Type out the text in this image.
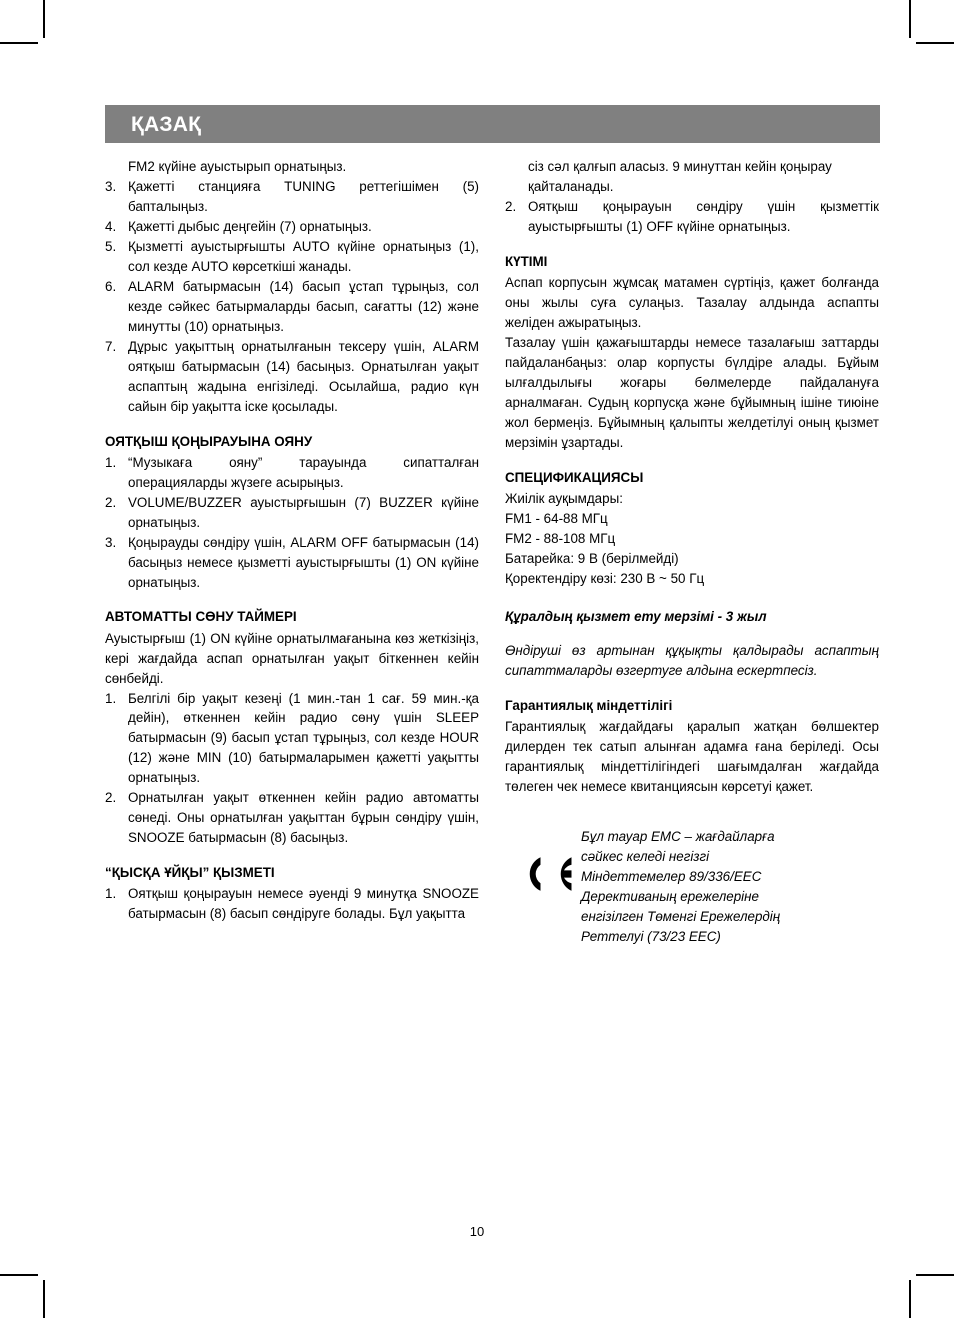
ҚАЗАҚ
FM2 күйіне ауыстырып орнатыңыз.
3. Қажетті станцияға TUNING реттегішімен (5) бапталыңыз.
4. Қажетті дыбыс деңгейін (7) орнатыңыз.
5. Қызметті ауыстырғышты AUTO күйіне орнатыңыз (1), сол кезде AUTO көрсеткіші жанады.
6. ALARM батырмасын (14) басып ұстап тұрыңыз, сол кезде сәйкес батырмаларды басып, сағатты (12) және минутты (10) орнатыңыз.
7. Дұрыс уақыттың орнатылғанын тексеру үшін, ALARM оятқыш батырмасын (14) басыңыз. Орнатылған уақыт аспаптың жадына енгізіледі. Осылайша, радио күн сайын бір уақытта іске қосылады.
ОЯТҚЫШ ҚОҢЫРАУЫНА ОЯНУ
1. “Музыкаға ояну” тарауында сипатталған операцияларды жүзеге асырыңыз.
2. VOLUME/BUZZER ауыстырғышын (7) BUZZER күйіне орнатыңыз.
3. Қоңырауды сөндіру үшін, ALARM OFF батырмасын (14) басыңыз немесе қызметті ауыстырғышты (1) ON күйіне орнатыңыз.
АВТОМАТТЫ СӨНУ ТАЙМЕРІ

Ауыстырғыш (1) ON күйіне орнатылмағанына көз жеткізіңіз, кері жағдайда аспап орнатылған уақыт біткеннен кейін сөнбейді.

1. Белгілі бір уақыт кезеңі (1 мин.-тан 1 сағ. 59 мин.-қа дейін), өткеннен кейін радио сөну үшін SLEEP батырмасын (9) басып ұстап тұрыңыз, сол кезде HOUR (12) және MIN (10) батырмаларымен қажетті уақытты орнатыңыз.
2. Орнатылған уақыт өткеннен кейін радио автоматты сөнеді. Оны орнатылған уақыттан бұрын сөндіру үшін, SNOOZE батырмасын (8) басыңыз.
“ҚЫСҚА ҰЙҚЫ” ҚЫЗМЕТІ
1. Оятқыш қоңырауын немесе әуенді 9 минутқа SNOOZE батырмасын (8) басып сөндіруге болады. Бұл уақытта
сіз сәл қалғып аласыз. 9 минуттан кейін қоңырау қайталанады.
2. Оятқыш қоңырауын сөндіру үшін қызметтік ауыстырғышты (1) OFF күйіне орнатыңыз.
КҮТІМІ

Аспап корпусын жұмсақ матамен сүртіңіз, қажет болғанда оны жылы суға сулаңыз. Тазалау алдында аспапты желіден ажыратыңыз.

Тазалау үшін қажағыштарды немесе тазалағыш заттарды пайдаланбаңыз: олар корпусты бүлдіре алады. Бұйым ылғалдылығы жоғары бөлмелерде пайдалануға арналмаған. Судың корпусқа және бұйымның ішіне тиюіне жол бермеңіз. Бұйымның қалыпты желдетілуі оның қызмет мерзімін ұзартады.

СПЕЦИФИКАЦИЯСЫ
Жиілік ауқымдары:
FM1 - 64-88 МГц
FM2 - 88-108 МГц
Батарейка: 9 В (берілмейді)
Қоректендіру көзі: 230 В ~ 50 Гц

Құралдың қызмет ету мерзімі - 3 жыл

Өндіруші өз артынан құқықты қалдырады аспаптың сипаттмаларды өзгертуге алдына ескертпесіз.

Гарантиялық міндеттілігі

Гарантиялық жағдайдағы қаралып жатқан бөлшектер дилерден тек сатып алынған адамға ғана беріледі. Осы гарантиялық міндеттілігіндегі шағымдалған жағдайда төлеген чек немесе квитанциясын көрсетуі қажет.

Бұл тауар ЕМС – жағдайларға
сәйкес келеді негізгі
Міндеттемелер 89/336/EEC
Дерективаның ережелеріне
енгізілген Төменгі Ережелердің
Реттелуі (73/23 EEC)
10
